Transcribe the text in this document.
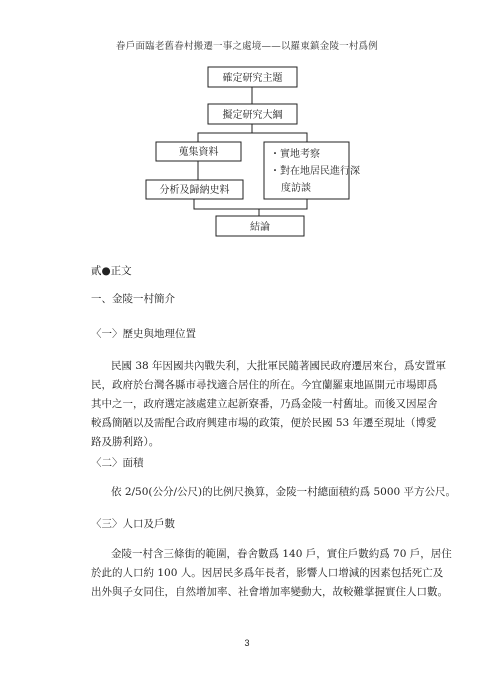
眷戶面臨老舊眷村搬遷一事之處境——以羅東鎮金陵一村爲例
確定研究主題
擬定研究大綱
蒐集資料	・實地考察
・對在地居民進行深
度訪談
分析及歸納史料
結論
貳●正文
一、金陵一村簡介
〈一〉歷史與地理位置
民國 38 年因國共內戰失利，大批軍民隨著國民政府遷居來台，爲安置軍
民，政府於台灣各縣市尋找適合居住的所在。今宜蘭羅東地區開元市場即爲
其中之一，政府選定該處建立起新寮番，乃爲金陵一村舊址。而後又因屋舍
較爲簡陋以及需配合政府興建市場的政策，便於民國 53 年遷至現址（博愛
路及勝利路）。
〈二〉面積
依 2/50(公分/公尺)的比例尺換算，金陵一村總面積約爲 5000 平方公尺。
〈三〉人口及戶數
金陵一村含三條街的範圍，眷舍數爲 140 戶，實住戶數約爲 70 戶，居住
於此的人口約 100 人。因居民多爲年長者，影響人口增減的因素包括死亡及
出外與子女同住，自然增加率、社會增加率變動大，故較難掌握實住人口數。
3
